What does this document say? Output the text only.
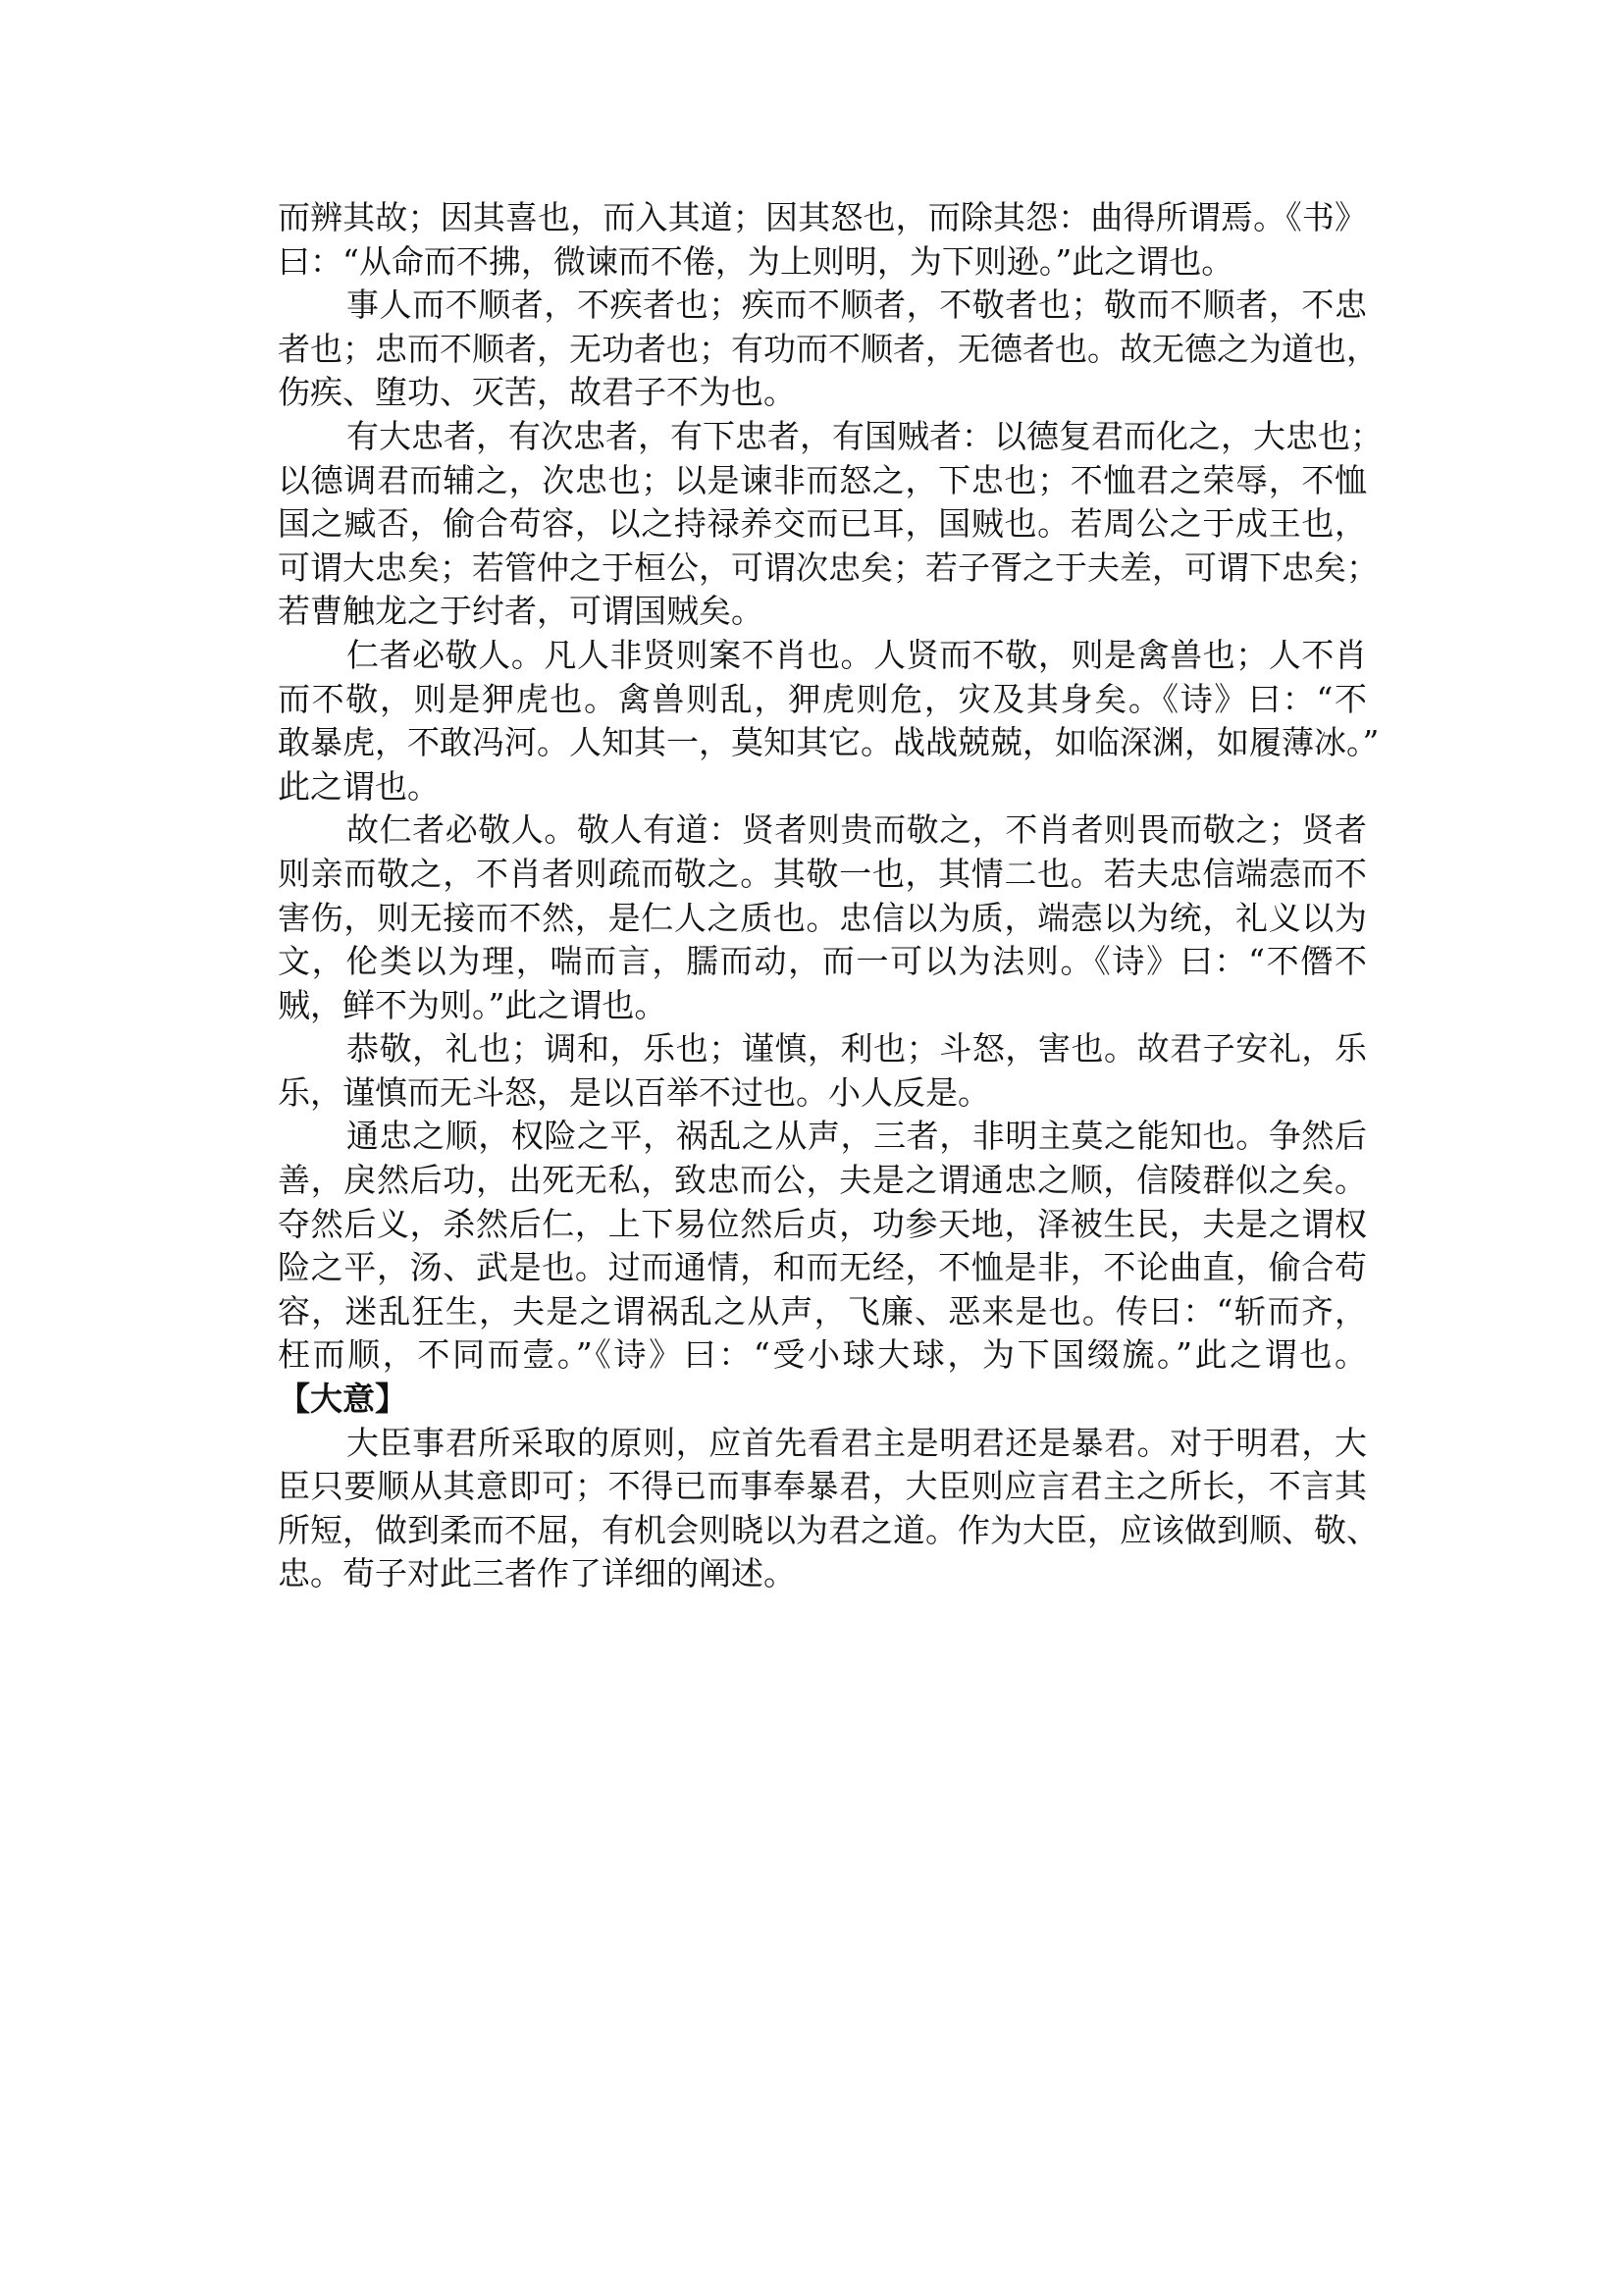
而辨其故；因其喜也，而入其道；因其怒也，而除其怨：曲得所谓焉。《书》
曰：“从命而不拂，微谏而不倦，为上则明，为下则逊。”此之谓也。
事人而不顺者，不疾者也；疾而不顺者，不敬者也；敬而不顺者，不忠
者也；忠而不顺者，无功者也；有功而不顺者，无德者也。故无德之为道也，
伤疾、堕功、灭苦，故君子不为也。
有大忠者，有次忠者，有下忠者，有国贼者：以德复君而化之，大忠也；
以德调君而辅之，次忠也；以是谏非而怒之，下忠也；不恤君之荣辱，不恤
国之臧否，偷合苟容，以之持禄养交而已耳，国贼也。若周公之于成王也，
可谓大忠矣；若管仲之于桓公，可谓次忠矣；若子胥之于夫差，可谓下忠矣；
若曹触龙之于纣者，可谓国贼矣。
仁者必敬人。凡人非贤则案不肖也。人贤而不敬，则是禽兽也；人不肖
而不敬，则是狎虎也。禽兽则乱，狎虎则危，灾及其身矣。《诗》曰：“不
敢暴虎，不敢冯河。人知其一，莫知其它。战战兢兢，如临深渊，如履薄冰。”
此之谓也。
故仁者必敬人。敬人有道：贤者则贵而敬之，不肖者则畏而敬之；贤者
则亲而敬之，不肖者则疏而敬之。其敬一也，其情二也。若夫忠信端悫而不
害伤，则无接而不然，是仁人之质也。忠信以为质，端悫以为统，礼义以为
文，伦类以为理，喘而言，臑而动，而一可以为法则。《诗》曰：“不僭不
贼，鲜不为则。”此之谓也。
恭敬，礼也；调和，乐也；谨慎，利也；斗怒，害也。故君子安礼，乐
乐，谨慎而无斗怒，是以百举不过也。小人反是。
通忠之顺，权险之平，祸乱之从声，三者，非明主莫之能知也。争然后
善，戾然后功，出死无私，致忠而公，夫是之谓通忠之顺，信陵群似之矣。
夺然后义，杀然后仁，上下易位然后贞，功参天地，泽被生民，夫是之谓权
险之平，汤、武是也。过而通情，和而无经，不恤是非，不论曲直，偷合苟
容，迷乱狂生，夫是之谓祸乱之从声，飞廉、恶来是也。传曰：“斩而齐，
枉而顺，不同而壹。”《诗》曰：“受小球大球，为下国缀旒。”此之谓也。
【大意】
大臣事君所采取的原则，应首先看君主是明君还是暴君。对于明君，大
臣只要顺从其意即可；不得已而事奉暴君，大臣则应言君主之所长，不言其
所短，做到柔而不屈，有机会则晓以为君之道。作为大臣，应该做到顺、敬、
忠。荀子对此三者作了详细的阐述。
